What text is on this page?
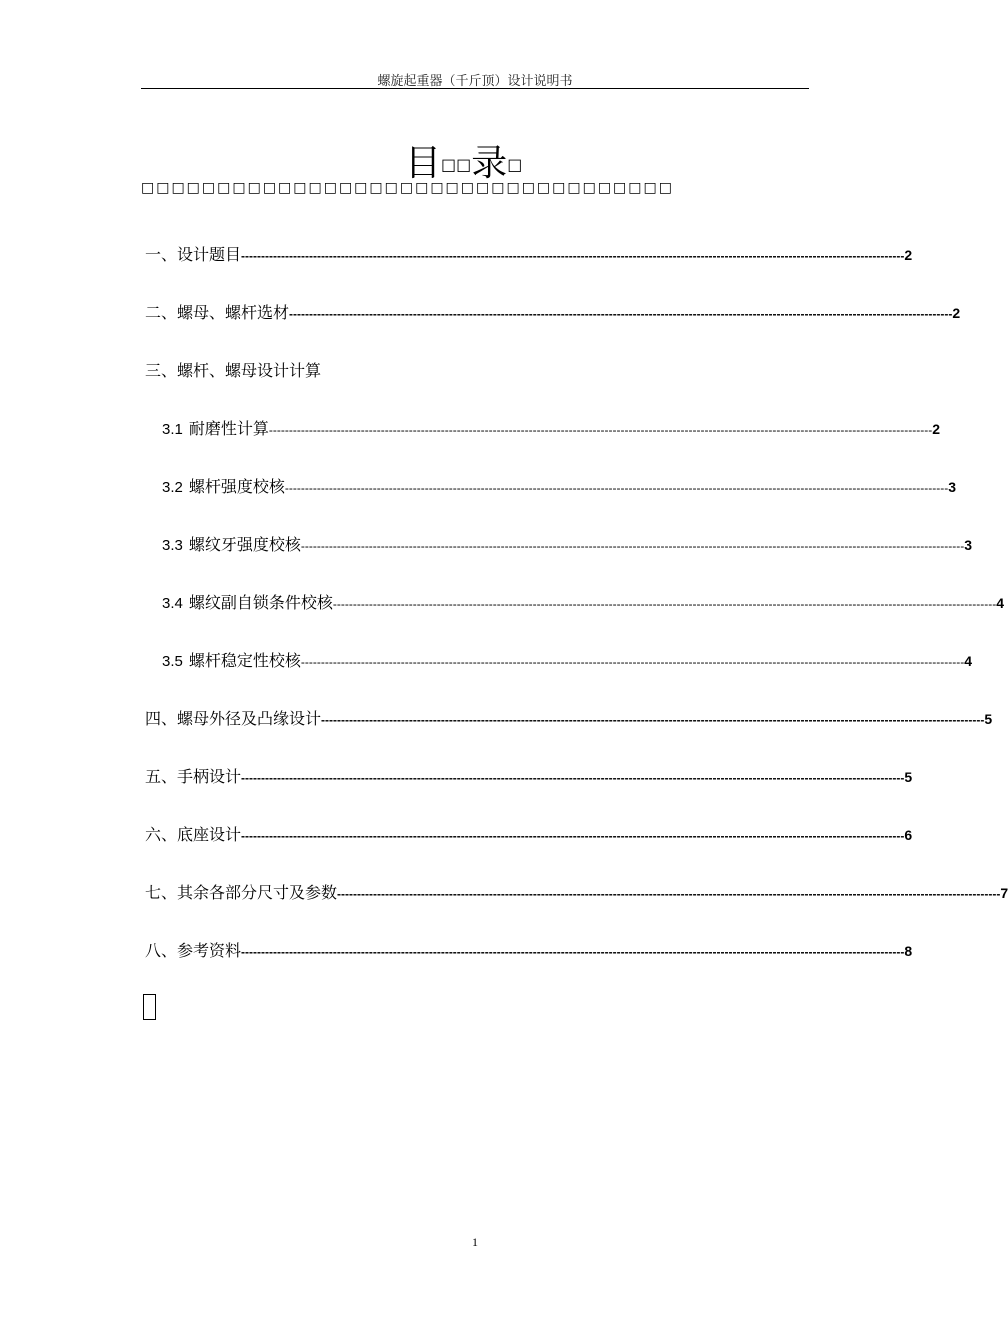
螺旋起重器（千斤顶）设计说明书
□□□□□□□□□□□□□□□□□□□□□□□□□□□□□□□□□□□
目□□录□
一、设计题目 ---------------------------------------------------------------------------------------------------------------------------------------------------------------------- 2
二、螺母、螺杆选材 ---------------------------------------------------------------------------------------------------------------------------------------------------------------------- 2
三、螺杆、螺母设计计算
3.1 耐磨性计算 ---------------------------------------------------------------------------------------------------------------------------------------------------------------------- 2
3.2 螺杆强度校核 ---------------------------------------------------------------------------------------------------------------------------------------------------------------------- 3
3.3 螺纹牙强度校核 ---------------------------------------------------------------------------------------------------------------------------------------------------------------------- 3
3.4 螺纹副自锁条件校核 ---------------------------------------------------------------------------------------------------------------------------------------------------------------------- 4
3.5 螺杆稳定性校核 ---------------------------------------------------------------------------------------------------------------------------------------------------------------------- 4
四、螺母外径及凸缘设计 ---------------------------------------------------------------------------------------------------------------------------------------------------------------------- 5
五、手柄设计 ---------------------------------------------------------------------------------------------------------------------------------------------------------------------- 5
六、底座设计 ---------------------------------------------------------------------------------------------------------------------------------------------------------------------- 6
七、其余各部分尺寸及参数 ---------------------------------------------------------------------------------------------------------------------------------------------------------------------- 7
八、参考资料 ---------------------------------------------------------------------------------------------------------------------------------------------------------------------- 8
1
